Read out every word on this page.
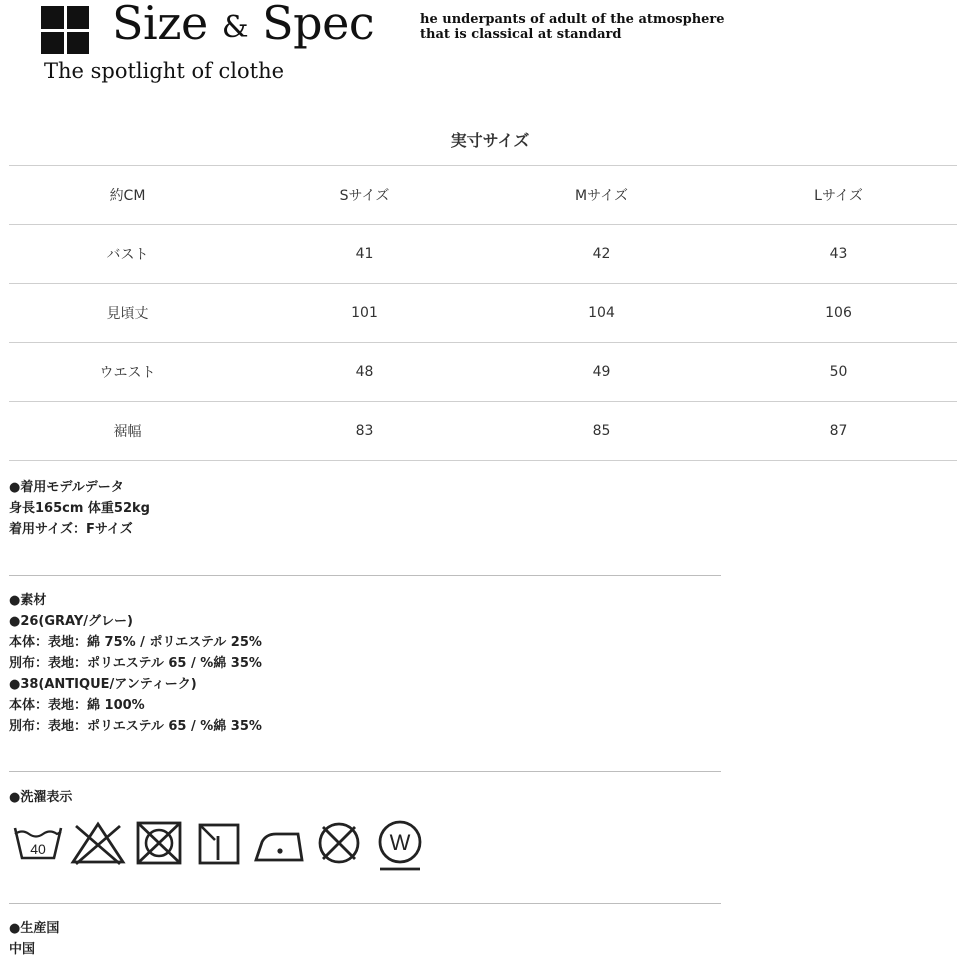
Size & Spec
The spotlight of clothe
he underpants of adult of the atmosphere
that is classical at standard
実寸サイズ
約CM	Sサイズ	Mサイズ	Lサイズ
バスト	41	42	43
見頃丈	101	104	106
ウエスト	48	49	50
裾幅	83	85	87
●着用モデルデータ
身長165cm 体重52kg
着用サイズ：Fサイズ
●素材
●26(GRAY/グレー)
本体：表地：綿 75% / ポリエステル 25%
別布：表地：ポリエステル 65 / %綿 35%
●38(ANTIQUE/アンティーク)
本体：表地：綿 100%
別布：表地：ポリエステル 65 / %綿 35%
●洗濯表示
40	W
●生産国
中国
